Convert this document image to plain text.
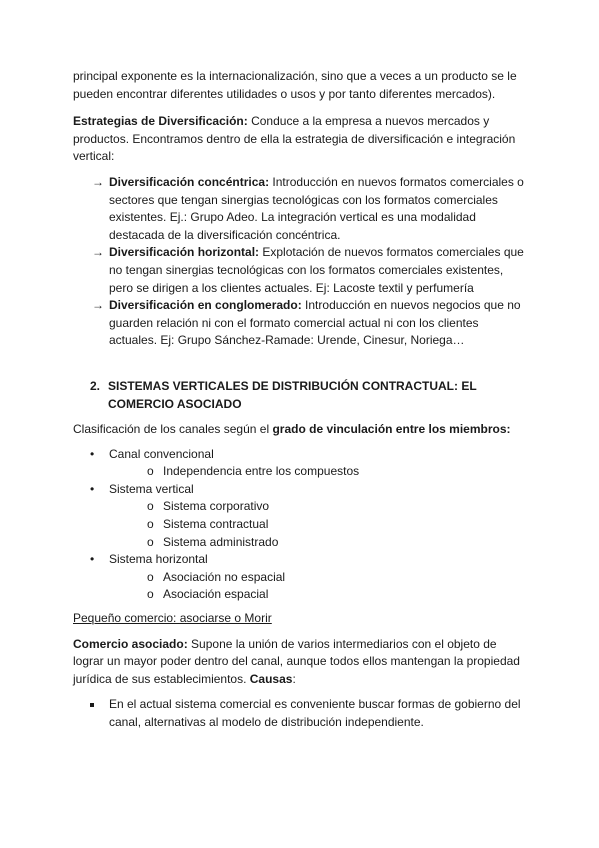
principal exponente es la internacionalización, sino que a veces a un producto se le pueden encontrar diferentes utilidades o usos y por tanto diferentes mercados).

Estrategias de Diversificación: Conduce a la empresa a nuevos mercados y productos. Encontramos dentro de ella la estrategia de diversificación e integración vertical:

→ Diversificación concéntrica: Introducción en nuevos formatos comerciales o sectores que tengan sinergias tecnológicas con los formatos comerciales existentes. Ej.: Grupo Adeo. La integración vertical es una modalidad destacada de la diversificación concéntrica.
→ Diversificación horizontal: Explotación de nuevos formatos comerciales que no tengan sinergias tecnológicas con los formatos comerciales existentes, pero se dirigen a los clientes actuales. Ej: Lacoste textil y perfumería
→ Diversificación en conglomerado: Introducción en nuevos negocios que no guarden relación ni con el formato comercial actual ni con los clientes actuales. Ej: Grupo Sánchez-Ramade: Urende, Cinesur, Noriega…
2. SISTEMAS VERTICALES DE DISTRIBUCIÓN CONTRACTUAL: EL COMERCIO ASOCIADO

Clasificación de los canales según el grado de vinculación entre los miembros:

• Canal convencional
o Independencia entre los compuestos
• Sistema vertical
o Sistema corporativo
o Sistema contractual
o Sistema administrado
• Sistema horizontal
o Asociación no espacial
o Asociación espacial

Pequeño comercio: asociarse o Morir

Comercio asociado: Supone la unión de varios intermediarios con el objeto de lograr un mayor poder dentro del canal, aunque todos ellos mantengan la propiedad jurídica de sus establecimientos. Causas:

En el actual sistema comercial es conveniente buscar formas de gobierno del canal, alternativas al modelo de distribución independiente.
